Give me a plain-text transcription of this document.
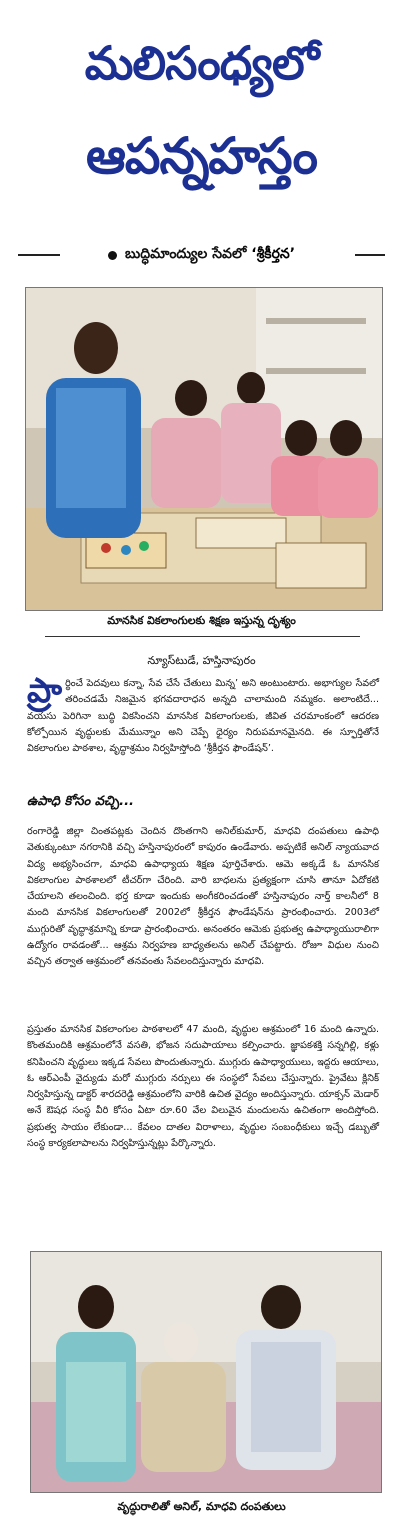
మలిసంధ్యలో
ఆపన్నహస్తం
బుద్ధిమాంద్యుల సేవలో ‘శ్రీకీర్తన’
మానసిక వికలాంగులకు శిక్షణ ఇస్తున్న దృశ్యం
న్యూస్‌టుడే, హస్తినాపురం

ప్రా ర్థించే పెదవులు కన్నా, సేవ చేసే చేతులు మిన్న’ అని అంటుంటారు. అభాగ్యుల సేవలో తరించడమే నిజమైన భగవదారాధన అన్నది చాలామంది నమ్మకం. అలాంటిదే... వయసు పెరిగినా బుద్ధి వికసించని మానసిక వికలాంగులకు, జీవిత చరమాంకంలో ఆదరణ కోల్పోయిన వృద్ధులకు మేమున్నాం అని చెప్పే ధైర్యం నిరుపమానమైనది. ఈ స్ఫూర్తితోనే వికలాంగుల పాఠశాల, వృద్ధాశ్రమం నిర్వహిస్తోంది ‘శ్రీకీర్తన ఫౌండేషన్‌’.

ఉపాధి కోసం వచ్చి...

రంగారెడ్డి జిల్లా చింతపట్లకు చెందిన దొంతగాని అనిల్‌కుమార్‌, మాధవి దంపతులు ఉపాధి వెతుక్కుంటూ నగరానికి వచ్చి హస్తినాపురంలో కాపురం ఉండేవారు. అప్పటికే అనిల్‌ న్యాయవాద విద్య అభ్యసించగా, మాధవి ఉపాధ్యాయ శిక్షణ పూర్తిచేశారు. ఆమె అక్కడే ఓ మానసిక వికలాంగుల పాఠశాలలో టీచర్‌గా చేరింది. వారి బాధలను ప్రత్యక్షంగా చూసి తానూ ఏదోకటి చేయాలని తలంచింది. భర్త కూడా ఇందుకు అంగీకరించడంతో హస్తినాపురం నార్త్‌ కాలనీలో 8 మంది మానసిక వికలాంగులతో 2002లో శ్రీకీర్తన ఫౌండేషన్‌ను ప్రారంభించారు. 2003లో ముగ్గురితో వృద్ధాశ్రమాన్ని కూడా ప్రారంభించారు. అనంతరం ఆమెకు ప్రభుత్వ ఉపాధ్యాయురాలిగా ఉద్యోగం రావడంతో... ఆశ్రమ నిర్వహణ బాధ్యతలను అనిల్‌ చేపట్టారు. రోజూ విధుల నుంచి వచ్చిన తర్వాత ఆశ్రమంలో తనవంతు సేవలందిస్తున్నారు మాధవి.

ప్రస్తుతం మానసిక వికలాంగుల పాఠశాలలో 47 మంది, వృద్ధుల ఆశ్రమంలో 16 మంది ఉన్నారు. కొంతమందికి ఆశ్రమంలోనే వసతి, భోజన సదుపాయాలు కల్పించారు. జ్ఞాపకశక్తి సన్నగిల్లి, కళ్లు కనిపించని వృద్ధులు ఇక్కడ సేవలు పొందుతున్నారు. ముగ్గురు ఉపాధ్యాయులు, ఇద్దరు ఆయాలు, ఓ ఆర్‌ఎంపీ వైద్యుడు మరో ముగ్గురు నర్సులు ఈ సంస్థలో సేవలు చేస్తున్నారు. ప్రైవేటు క్లినిక్‌ నిర్వహిస్తున్న డాక్టర్‌ శారదరెడ్డి ఆశ్రమంలోని వారికి ఉచిత వైద్యం అందిస్తున్నారు. యాక్సన్‌ మెడార్‌ అనే ఔషధ సంస్థ వీరి కోసం ఏటా రూ.60 వేల విలువైన మందులను ఉచితంగా అందిస్తోంది. ప్రభుత్వ సాయం లేకుండా... కేవలం దాతల విరాళాలు, వృద్ధుల సంబంధీకులు ఇచ్చే డబ్బుతో సంస్థ కార్యకలాపాలను నిర్వహిస్తున్నట్లు పేర్కొన్నారు.

వృద్ధురాలితో అనిల్‌, మాధవి దంపతులు
